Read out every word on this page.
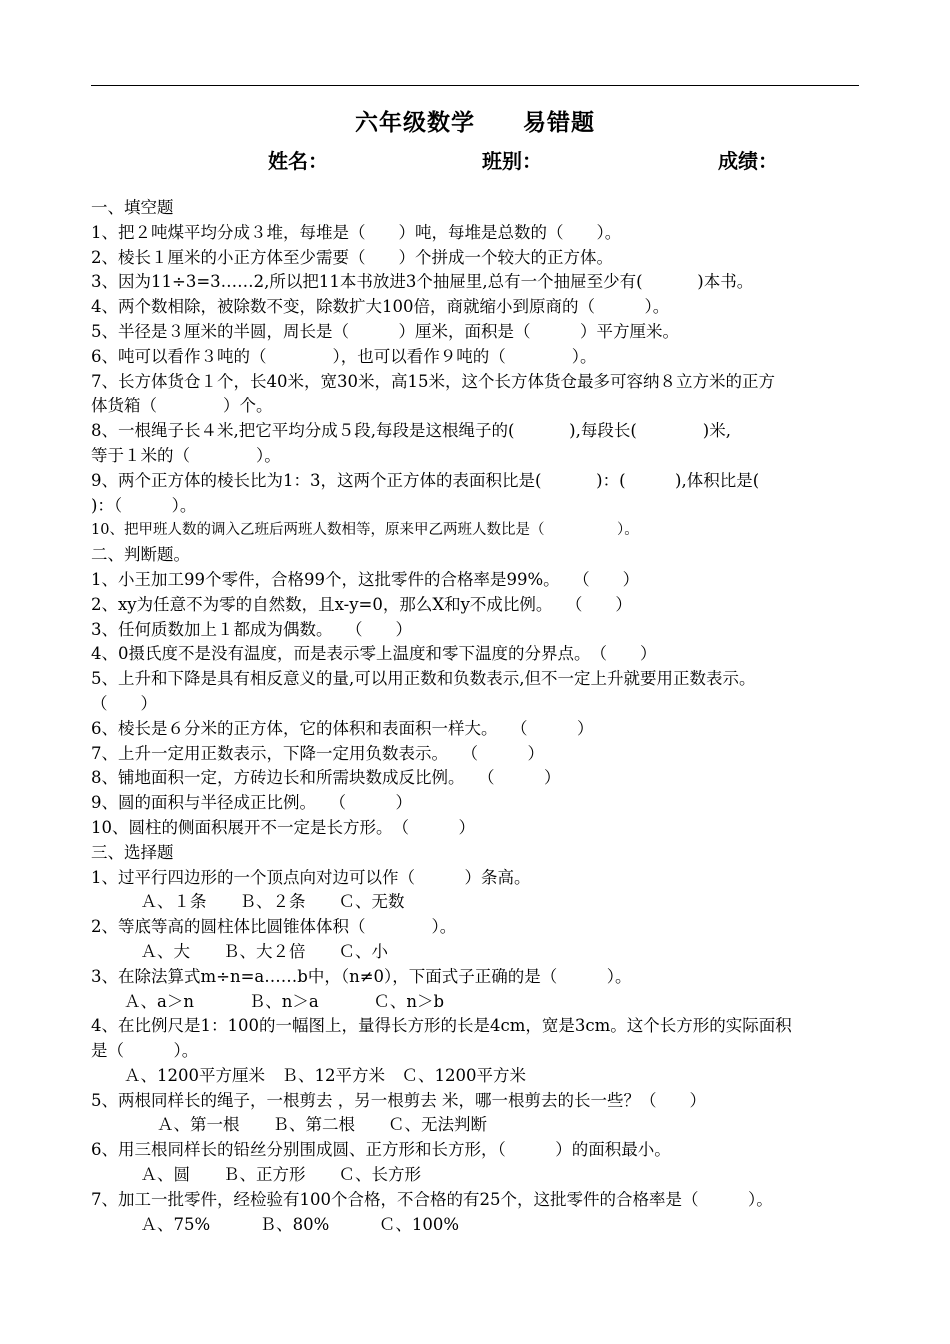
六年级数学　　易错题
姓名：	班别：	成绩：
一、填空题
1、把２吨煤平均分成３堆，每堆是（　　）吨，每堆是总数的（　　）。
2、棱长１厘米的小正方体至少需要（　　）个拼成一个较大的正方体。
3、因为11÷3=3……2,所以把11本书放进3个抽屉里,总有一个抽屉至少有(　　　 )本书。
4、两个数相除，被除数不变，除数扩大100倍，商就缩小到原商的（　　　）。
5、半径是３厘米的半圆，周长是（　　　）厘米，面积是（　　　）平方厘米。
6、吨可以看作３吨的（　　　　），也可以看作９吨的（　　　　）。
7、长方体货仓１个，长40米，宽30米，高15米，这个长方体货仓最多可容纳８立方米的正方
体货箱（　　　　）个。
8、一根绳子长４米,把它平均分成５段,每段是这根绳子的(　　　 ),每段长(　　　　)米,
等于１米的（　　　　）。
9、两个正方体的棱长比为1：3，这两个正方体的表面积比是(　　　 )：(　　　),体积比是(
)：（　　　）。
10、把甲班人数的调入乙班后两班人数相等，原来甲乙两班人数比是（　　　　　）。
二、判断题。
1、小王加工99个零件，合格99个，这批零件的合格率是99%。　 （　　）
2、xy为任意不为零的自然数，且x-y=0，那么X和y不成比例。　 （　　）
3、任何质数加上１都成为偶数。　 （　　）
4、0摄氏度不是没有温度，而是表示零上温度和零下温度的分界点。　（　　）
5、上升和下降是具有相反意义的量,可以用正数和负数表示,但不一定上升就要用正数表示。
（　　）
6、棱长是６分米的正方体，它的体积和表面积一样大。　 （　　　）
7、上升一定用正数表示，下降一定用负数表示。　 （　　　）
8、铺地面积一定，方砖边长和所需块数成反比例。　 （　　　）
9、圆的面积与半径成正比例。　 （　　　）
10、圆柱的侧面积展开不一定是长方形。　（　　　）
三、选择题
1、过平行四边形的一个顶点向对边可以作（　　　）条高。
　　　Ａ、１条　　Ｂ、２条　　Ｃ、无数
2、等底等高的圆柱体比圆锥体体积（　　　　）。
　　　Ａ、大　　Ｂ、大２倍　　Ｃ、小
3、在除法算式m÷n=a……b中，（n≠0），下面式子正确的是（　　　）。
　　Ａ、a＞n　　　 Ｂ、n＞a　　　 Ｃ、n＞b
4、在比例尺是1：100的一幅图上，量得长方形的长是4cm，宽是3cm。这个长方形的实际面积
是（　　　）。
　　Ａ、1200平方厘米　Ｂ、12平方米　Ｃ、1200平方米
5、两根同样长的绳子，一根剪去 ，另一根剪去 米，哪一根剪去的长一些？（　　）
　　　　Ａ、第一根　　Ｂ、第二根　　Ｃ、无法判断
6、用三根同样长的铅丝分别围成圆、正方形和长方形，（　　　）的面积最小。
　　　Ａ、圆　　Ｂ、正方形　　Ｃ、长方形
7、加工一批零件，经检验有100个合格，不合格的有25个，这批零件的合格率是（　　　）。
　　　Ａ、75%　　　Ｂ、80%　　　Ｃ、100%
